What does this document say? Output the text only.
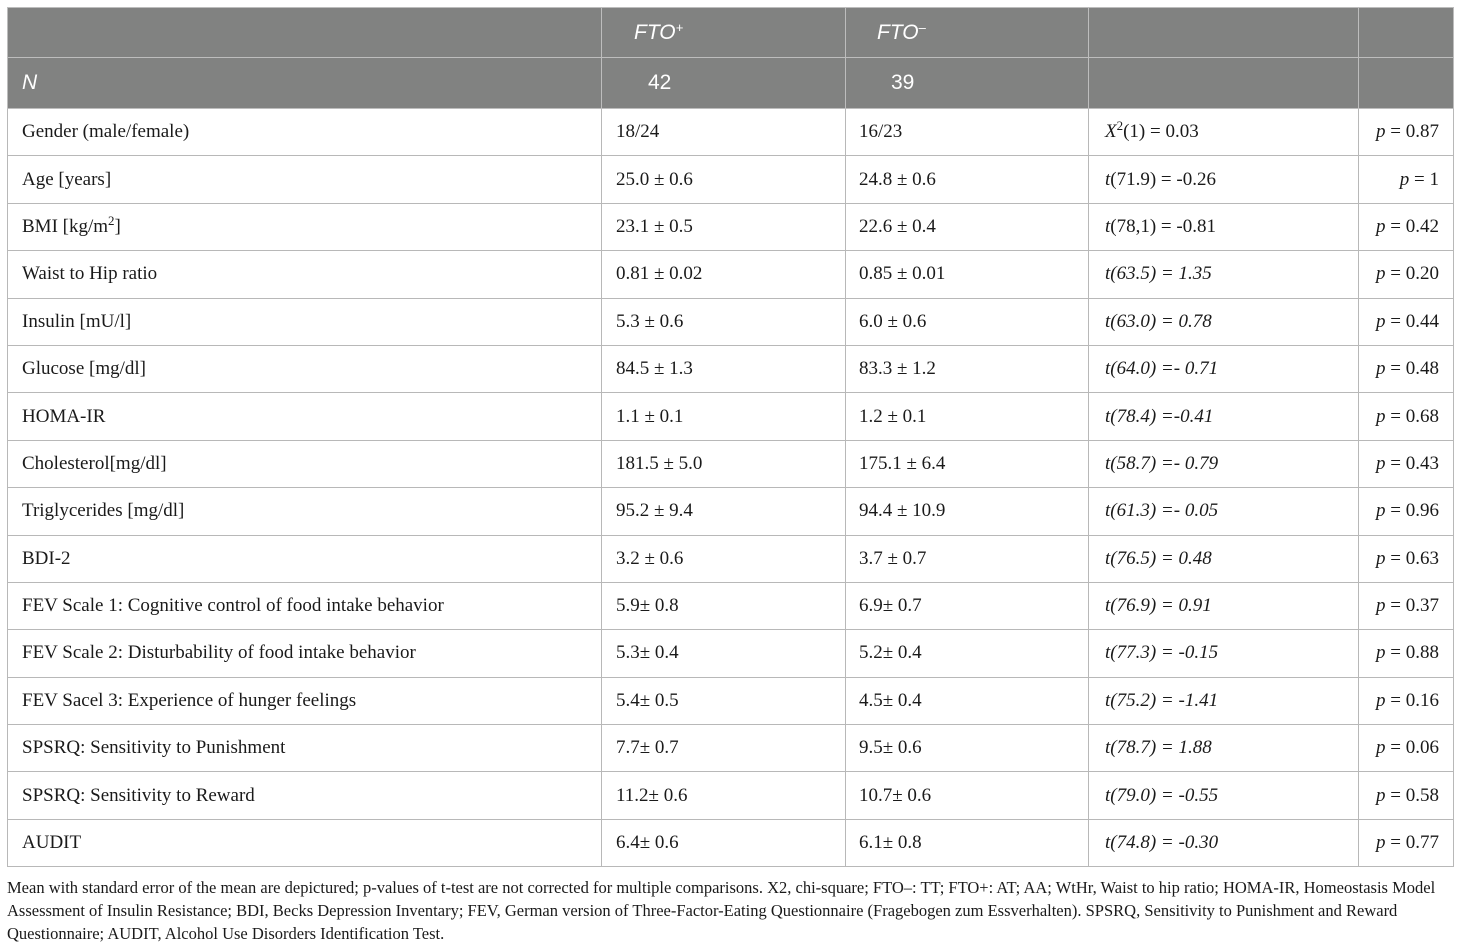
	FTO+	FTO–		
N	42	39		
Gender (male/female)	18/24	16/23	$X^2(1) = 0.03$	p = 0.87
Age [years]	25.0 ± 0.6	24.8 ± 0.6	t(71.9) = -0.26	p = 1
BMI $[kg/m^2]$	23.1 ± 0.5	22.6 ± 0.4	t(78,1) = -0.81	p = 0.42
Waist to Hip ratio	0.81 ± 0.02	0.85 ± 0.01	t(63.5) = 1.35	p = 0.20
Insulin [mU/l]	5.3 ± 0.6	6.0 ± 0.6	t(63.0) = 0.78	p = 0.44
Glucose [mg/dl]	84.5 ± 1.3	83.3 ± 1.2	t(64.0) =- 0.71	p = 0.48
HOMA-IR	1.1 ± 0.1	1.2 ± 0.1	t(78.4) =-0.41	p = 0.68
Cholesterol[mg/dl]	181.5 ± 5.0	175.1 ± 6.4	t(58.7) =- 0.79	p = 0.43
Triglycerides [mg/dl]	95.2 ± 9.4	94.4 ± 10.9	t(61.3) =- 0.05	p = 0.96
BDI-2	3.2 ± 0.6	3.7 ± 0.7	t(76.5) = 0.48	p = 0.63
FEV Scale 1: Cognitive control of food intake behavior	5.9± 0.8	6.9± 0.7	t(76.9) = 0.91	p = 0.37
FEV Scale 2: Disturbability of food intake behavior	5.3± 0.4	5.2± 0.4	t(77.3) = -0.15	p = 0.88
FEV Sacel 3: Experience of hunger feelings	5.4± 0.5	4.5± 0.4	t(75.2) = -1.41	p = 0.16
SPSRQ: Sensitivity to Punishment	7.7± 0.7	9.5± 0.6	t(78.7) = 1.88	p = 0.06
SPSRQ: Sensitivity to Reward	11.2± 0.6	10.7± 0.6	t(79.0) = -0.55	p = 0.58
AUDIT	6.4± 0.6	6.1± 0.8	t(74.8) = -0.30	p = 0.77
Mean with standard error of the mean are depictured; p-values of t-test are not corrected for multiple comparisons. X2, chi-square; FTO–: TT; FTO+: AT; AA; WtHr, Waist to hip ratio; HOMA-IR, Homeostasis Model Assessment of Insulin Resistance; BDI, Becks Depression Inventary; FEV, German version of Three-Factor-Eating Questionnaire (Fragebogen zum Essverhalten). SPSRQ, Sensitivity to Punishment and Reward Questionnaire; AUDIT, Alcohol Use Disorders Identification Test.
